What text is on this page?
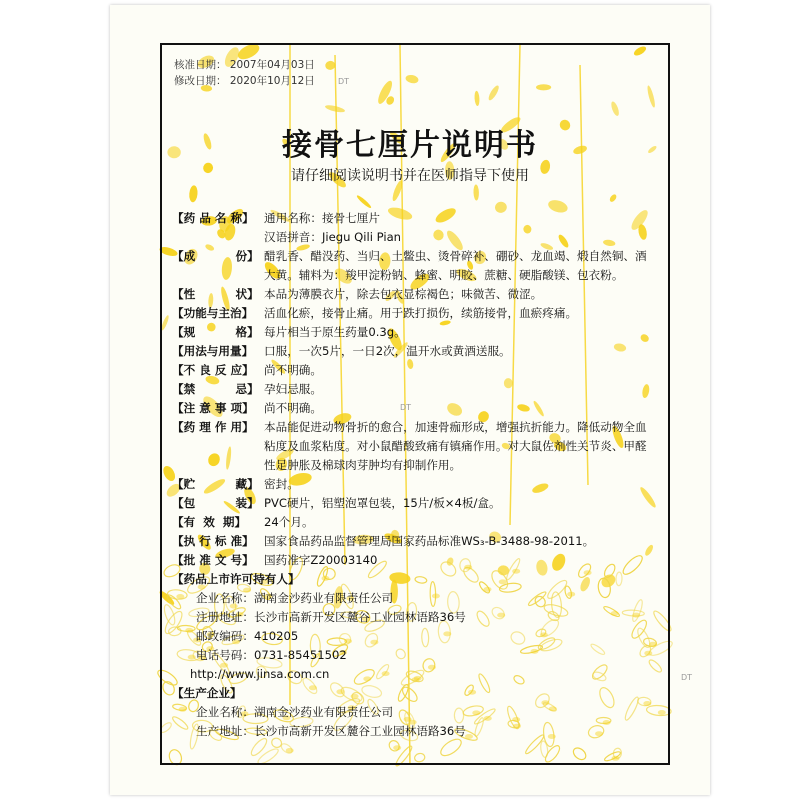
核准日期： 2007年04月03日
修改日期： 2020年10月12日	DT
DT
DT
接骨七厘片说明书
请仔细阅读说明书并在医师指导下使用
【药 品 名 称】 通用名称：接骨七厘片
汉语拼音：Jiegu Qili Pian
【成          份】 醋乳香、醋没药、当归、土鳖虫、烫骨碎补、硼砂、龙血竭、煅自然铜、酒大黄。辅料为：羧甲淀粉钠、蜂蜜、明胶、蔗糖、硬脂酸镁、包衣粉。
【性          状】 本品为薄膜衣片，除去包衣显棕褐色；味微苦、微涩。
【功能与主治】 活血化瘀，接骨止痛。用于跌打损伤，续筋接骨，血瘀疼痛。
【规          格】 每片相当于原生药量0.3g。
【用法与用量】 口服，一次5片，一日2次，温开水或黄酒送服。
【不 良 反 应】 尚不明确。
【禁          忌】 孕妇忌服。
【注 意 事 项】 尚不明确。
【药 理 作 用】 本品能促进动物骨折的愈合，加速骨痂形成，增强抗折能力。降低动物全血粘度及血浆粘度。对小鼠醋酸致痛有镇痛作用。对大鼠佐剂性关节炎、甲醛性足肿胀及棉球肉芽肿均有抑制作用。
【贮          藏】 密封。
【包          装】 PVC硬片，铝塑泡罩包装，15片/板×4板/盒。
【有  效  期】	24个月。
【执 行 标 准】 国家食品药品监督管理局国家药品标准WS₃-B-3488-98-2011。
【批 准 文 号】 国药准字Z20003140
【药品上市许可持有人】
企业名称： 湖南金沙药业有限责任公司
注册地址： 长沙市高新开发区麓谷工业园林语路36号
邮政编码： 410205
电话号码： 0731-85451502
http://www.jinsa.com.cn
【生产企业】
企业名称： 湖南金沙药业有限责任公司
生产地址： 长沙市高新开发区麓谷工业园林语路36号
